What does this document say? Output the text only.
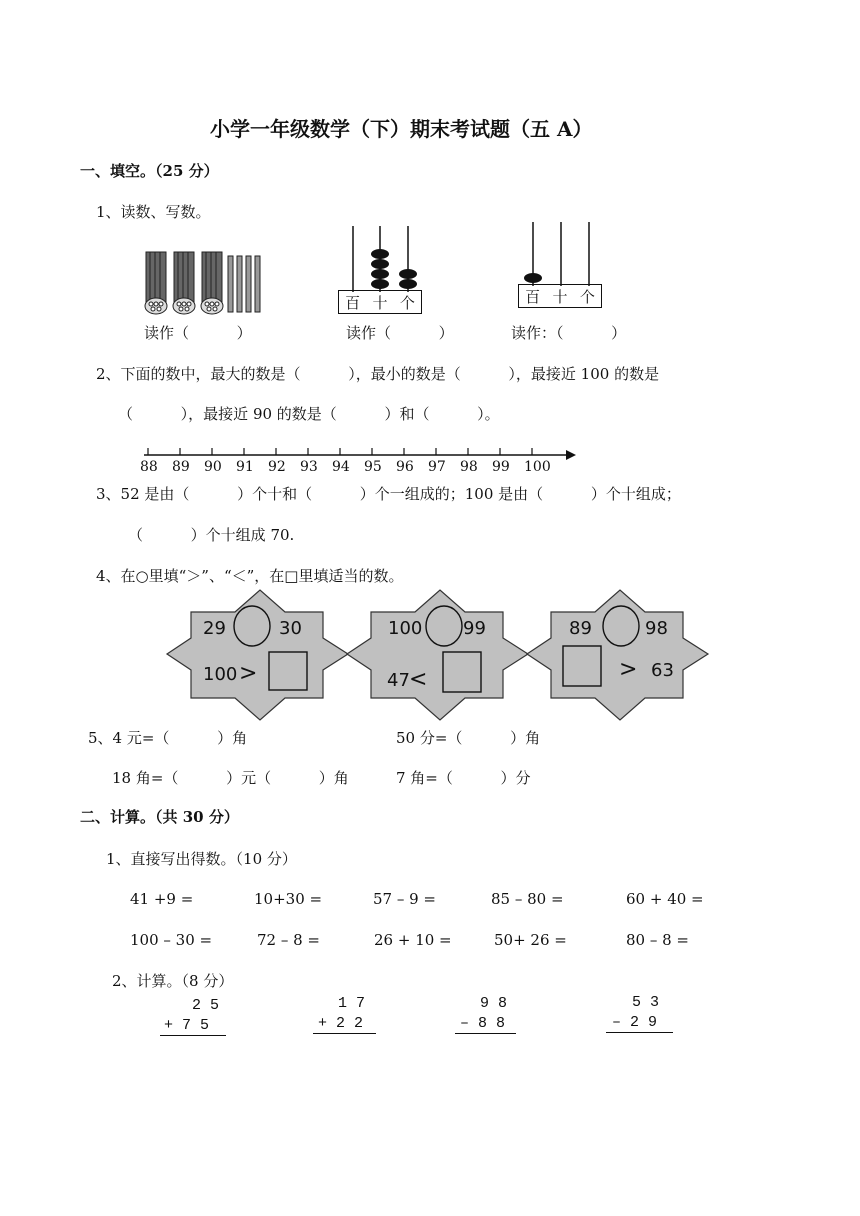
小学一年级数学（下）期末考试题（五 A）
一、填空。（25 分）
1、读数、写数。
百 十 个	百 十 个
读作（          ）	读作（          ）	读作：（          ）
2、下面的数中，最大的数是（          ），最小的数是（          ），最接近 100 的数是
（          ），最接近 90 的数是（          ）和（          ）。
88 89 90 91 92 93 94 95 96 97 98 99 100
3、52 是由（          ）个十和（          ）个一组成的；100 是由（          ）个十组成；
（          ）个十组成 70.
4、在○里填“＞”、“＜”，在□里填适当的数。
29	30
100 >
100 99
47 <
89	98
> 63
5、4 元=（          ）角	50 分=（          ）角
18 角=（          ）元（          ）角	7 角=（          ）分
二、计算。（共 30 分）
1、直接写出得数。（10 分）
41 +9 =	10+30 =	57 – 9 =	85 – 80 =	60 + 40 =
100 – 30 =	72 – 8 =	26 + 10 =	50+ 26 =	80 – 8 =
2、计算。（8 分）
2 5
+ 7 5
1 7
+ 2 2
9 8
– 8 8
5 3
– 2 9
